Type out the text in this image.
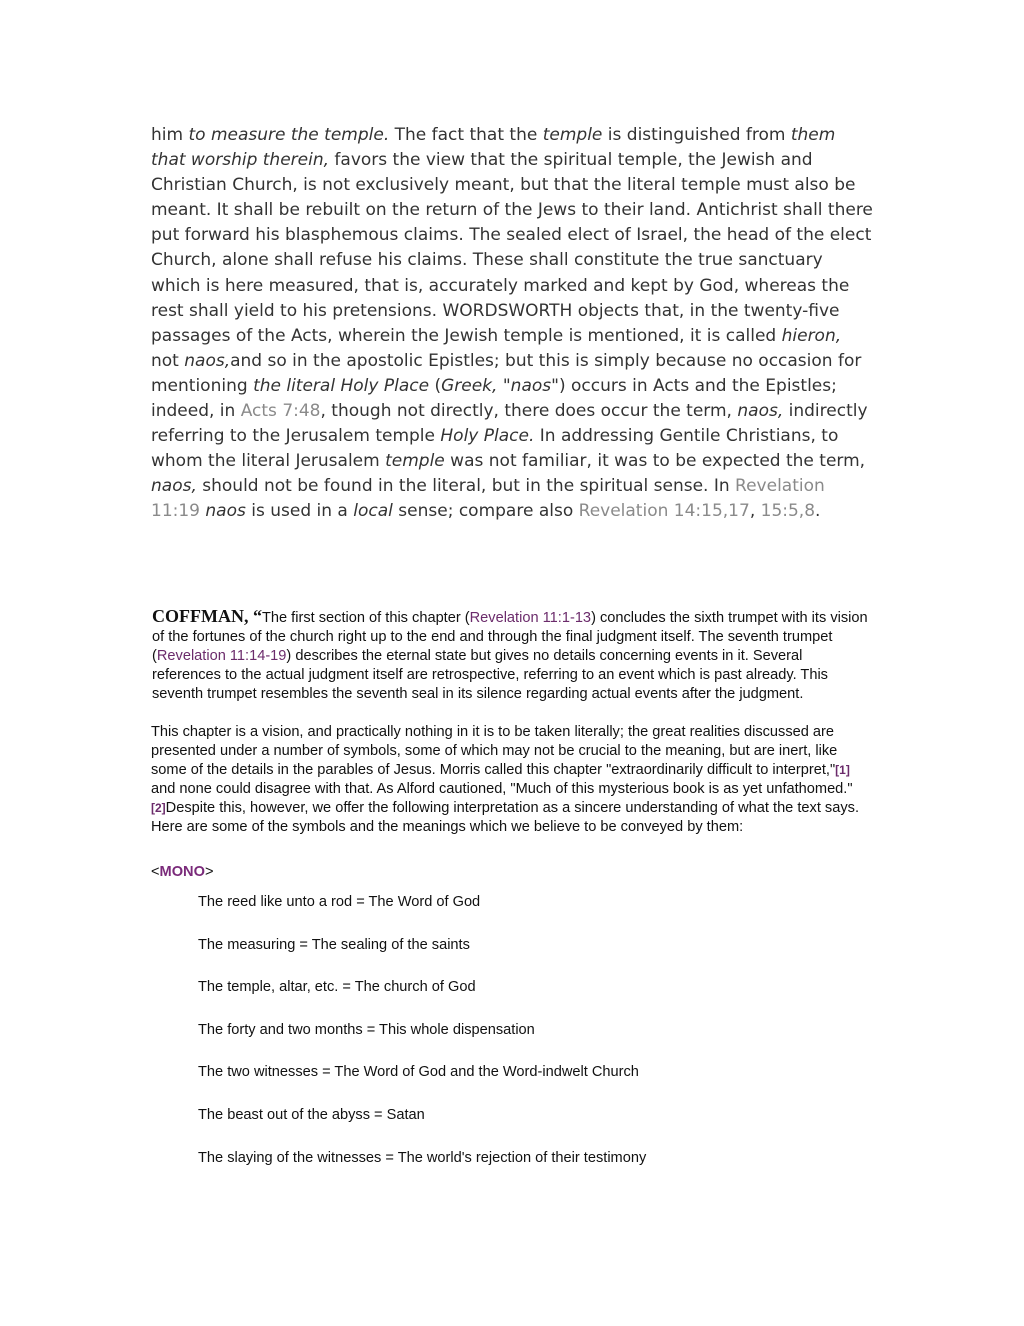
him to measure the temple. The fact that the temple is distinguished from them that worship therein, favors the view that the spiritual temple, the Jewish and Christian Church, is not exclusively meant, but that the literal temple must also be meant. It shall be rebuilt on the return of the Jews to their land. Antichrist shall there put forward his blasphemous claims. The sealed elect of Israel, the head of the elect Church, alone shall refuse his claims. These shall constitute the true sanctuary which is here measured, that is, accurately marked and kept by God, whereas the rest shall yield to his pretensions. WORDSWORTH objects that, in the twenty-five passages of the Acts, wherein the Jewish temple is mentioned, it is called hieron, not naos,and so in the apostolic Epistles; but this is simply because no occasion for mentioning the literal Holy Place (Greek, "naos") occurs in Acts and the Epistles; indeed, in Acts 7:48, though not directly, there does occur the term, naos, indirectly referring to the Jerusalem temple Holy Place. In addressing Gentile Christians, to whom the literal Jerusalem temple was not familiar, it was to be expected the term, naos, should not be found in the literal, but in the spiritual sense. In Revelation 11:19 naos is used in a local sense; compare also Revelation 14:15,17, 15:5,8.

COFFMAN, “The first section of this chapter (Revelation 11:1-13) concludes the sixth trumpet with its vision of the fortunes of the church right up to the end and through the final judgment itself. The seventh trumpet (Revelation 11:14-19) describes the eternal state but gives no details concerning events in it. Several references to the actual judgment itself are retrospective, referring to an event which is past already. This seventh trumpet resembles the seventh seal in its silence regarding actual events after the judgment.

This chapter is a vision, and practically nothing in it is to be taken literally; the great realities discussed are presented under a number of symbols, some of which may not be crucial to the meaning, but are inert, like some of the details in the parables of Jesus. Morris called this chapter "extraordinarily difficult to interpret,"[1] and none could disagree with that. As Alford cautioned, "Much of this mysterious book is as yet unfathomed."[2]Despite this, however, we offer the following interpretation as a sincere understanding of what the text says. Here are some of the symbols and the meanings which we believe to be conveyed by them:

<MONO>
The reed like unto a rod = The Word of God
The measuring = The sealing of the saints
The temple, altar, etc. = The church of God
The forty and two months = This whole dispensation
The two witnesses = The Word of God and the Word-indwelt Church
The beast out of the abyss = Satan
The slaying of the witnesses = The world's rejection of their testimony
